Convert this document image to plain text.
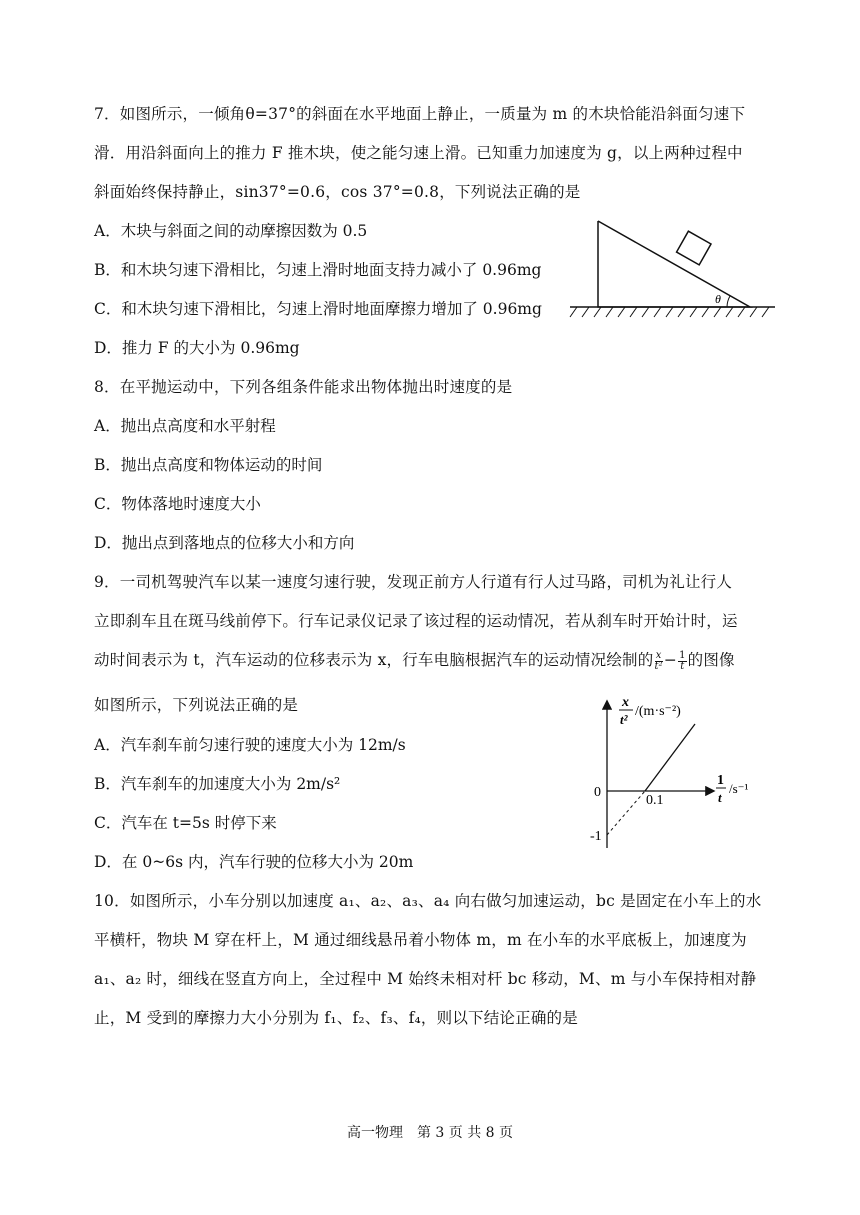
7．如图所示，一倾角θ=37°的斜面在水平地面上静止，一质量为 m 的木块恰能沿斜面匀速下
滑．用沿斜面向上的推力 F 推木块，使之能匀速上滑。已知重力加速度为 g，以上两种过程中
斜面始终保持静止，sin37°=0.6，cos 37°=0.8，下列说法正确的是
A．木块与斜面之间的动摩擦因数为 0.5
B．和木块匀速下滑相比，匀速上滑时地面支持力减小了 0.96mg
C．和木块匀速下滑相比，匀速上滑时地面摩擦力增加了 0.96mg
D．推力 F 的大小为 0.96mg
θ
8．在平抛运动中，下列各组条件能求出物体抛出时速度的是
A．抛出点高度和水平射程
B．抛出点高度和物体运动的时间
C．物体落地时速度大小
D．抛出点到落地点的位移大小和方向
9．一司机驾驶汽车以某一速度匀速行驶，发现正前方人行道有行人过马路，司机为礼让行人
立即刹车且在斑马线前停下。行车记录仪记录了该过程的运动情况，若从刹车时开始计时，运
动时间表示为 t，汽车运动的位移表示为 x，行车电脑根据汽车的运动情况绘制的 $\frac{x}{\text{t²}} - \frac{1}{t}$ 的图像
如图所示，下列说法正确的是
A．汽车刹车前匀速行驶的速度大小为 12m/s
B．汽车刹车的加速度大小为 2m/s²
C．汽车在 t=5s 时停下来
D．在 0~6s 内，汽车行驶的位移大小为 20m
x
t²
/(m·s⁻²)
1
t
/s⁻¹
0
0.1
-1
10．如图所示，小车分别以加速度 a₁、a₂、a₃、a₄ 向右做匀加速运动，bc 是固定在小车上的水
平横杆，物块 M 穿在杆上，M 通过细线悬吊着小物体 m，m 在小车的水平底板上，加速度为
a₁、a₂ 时，细线在竖直方向上，全过程中 M 始终未相对杆 bc 移动，M、m 与小车保持相对静
止，M 受到的摩擦力大小分别为 f₁、f₂、f₃、f₄，则以下结论正确的是
高一物理　第 3 页 共 8 页
